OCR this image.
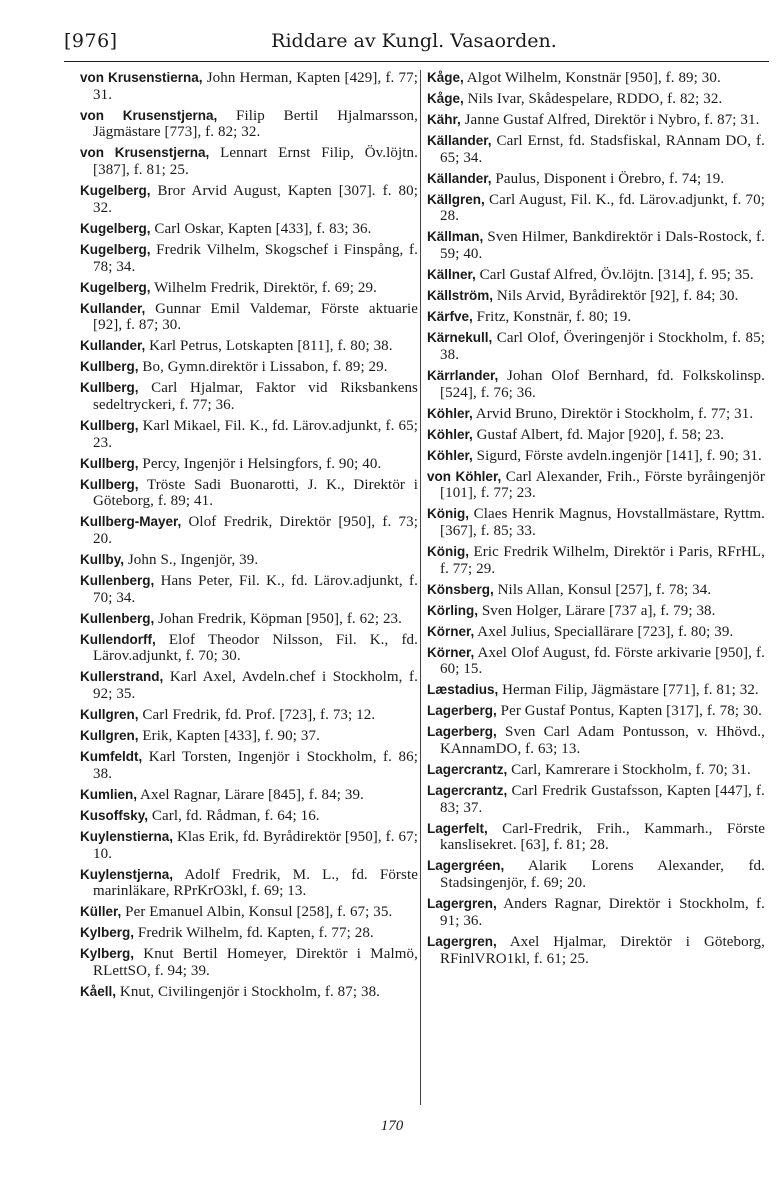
[976]	Riddare av Kungl. Vasaorden.

von Krusenstierna, John Herman, Kapten [429], f. 77; 31.

von Krusenstjerna, Filip Bertil Hjalmarsson, Jägmästare [773], f. 82; 32.

von Krusenstjerna, Lennart Ernst Filip, Öv.löjtn. [387], f. 81; 25.

Kugelberg, Bror Arvid August, Kapten [307]. f. 80; 32.

Kugelberg, Carl Oskar, Kapten [433], f. 83; 36.

Kugelberg, Fredrik Vilhelm, Skogschef i Finspång, f. 78; 34.

Kugelberg, Wilhelm Fredrik, Direktör, f. 69; 29.

Kullander, Gunnar Emil Valdemar, Förste aktuarie [92], f. 87; 30.

Kullander, Karl Petrus, Lotskapten [811], f. 80; 38.

Kullberg, Bo, Gymn.direktör i Lissabon, f. 89; 29.

Kullberg, Carl Hjalmar, Faktor vid Riksbankens sedeltryckeri, f. 77; 36.

Kullberg, Karl Mikael, Fil. K., fd. Lärov.adjunkt, f. 65; 23.

Kullberg, Percy, Ingenjör i Helsingfors, f. 90; 40.

Kullberg, Tröste Sadi Buonarotti, J. K., Direktör i Göteborg, f. 89; 41.

Kullberg-Mayer, Olof Fredrik, Direktör [950], f. 73; 20.

Kullby, John S., Ingenjör, 39.

Kullenberg, Hans Peter, Fil. K., fd. Lärov.adjunkt, f. 70; 34.

Kullenberg, Johan Fredrik, Köpman [950], f. 62; 23.

Kullendorff, Elof Theodor Nilsson, Fil. K., fd. Lärov.adjunkt, f. 70; 30.

Kullerstrand, Karl Axel, Avdeln.chef i Stockholm, f. 92; 35.

Kullgren, Carl Fredrik, fd. Prof. [723], f. 73; 12.

Kullgren, Erik, Kapten [433], f. 90; 37.

Kumfeldt, Karl Torsten, Ingenjör i Stockholm, f. 86; 38.

Kumlien, Axel Ragnar, Lärare [845], f. 84; 39.

Kusoffsky, Carl, fd. Rådman, f. 64; 16.

Kuylenstierna, Klas Erik, fd. Byrådirektör [950], f. 67; 10.

Kuylenstjerna, Adolf Fredrik, M. L., fd. Förste marinläkare, RPrKrO3kl, f. 69; 13.

Küller, Per Emanuel Albin, Konsul [258], f. 67; 35.

Kylberg, Fredrik Wilhelm, fd. Kapten, f. 77; 28.

Kylberg, Knut Bertil Homeyer, Direktör i Malmö, RLettSO, f. 94; 39.

Kåell, Knut, Civilingenjör i Stockholm, f. 87; 38.

Kåge, Algot Wilhelm, Konstnär [950], f. 89; 30.

Kåge, Nils Ivar, Skådespelare, RDDO, f. 82; 32.

Kähr, Janne Gustaf Alfred, Direktör i Nybro, f. 87; 31.

Källander, Carl Ernst, fd. Stadsfiskal, RAnnam DO, f. 65; 34.

Källander, Paulus, Disponent i Örebro, f. 74; 19.

Källgren, Carl August, Fil. K., fd. Lärov.adjunkt, f. 70; 28.

Källman, Sven Hilmer, Bankdirektör i Dals-Rostock, f. 59; 40.

Källner, Carl Gustaf Alfred, Öv.löjtn. [314], f. 95; 35.

Källström, Nils Arvid, Byrådirektör [92], f. 84; 30.

Kärfve, Fritz, Konstnär, f. 80; 19.

Kärnekull, Carl Olof, Överingenjör i Stockholm, f. 85; 38.

Kärrlander, Johan Olof Bernhard, fd. Folkskolinsp. [524], f. 76; 36.

Köhler, Arvid Bruno, Direktör i Stockholm, f. 77; 31.

Köhler, Gustaf Albert, fd. Major [920], f. 58; 23.

Köhler, Sigurd, Förste avdeln.ingenjör [141], f. 90; 31.

von Köhler, Carl Alexander, Frih., Förste byråingenjör [101], f. 77; 23.

König, Claes Henrik Magnus, Hovstallmästare, Ryttm. [367], f. 85; 33.

König, Eric Fredrik Wilhelm, Direktör i Paris, RFrHL, f. 77; 29.

Könsberg, Nils Allan, Konsul [257], f. 78; 34.

Körling, Sven Holger, Lärare [737 a], f. 79; 38.

Körner, Axel Julius, Speciallärare [723], f. 80; 39.

Körner, Axel Olof August, fd. Förste arkivarie [950], f. 60; 15.

Læstadius, Herman Filip, Jägmästare [771], f. 81; 32.

Lagerberg, Per Gustaf Pontus, Kapten [317], f. 78; 30.

Lagerberg, Sven Carl Adam Pontusson, v. Hhövd., KAnnamDO, f. 63; 13.

Lagercrantz, Carl, Kamrerare i Stockholm, f. 70; 31.

Lagercrantz, Carl Fredrik Gustafsson, Kapten [447], f. 83; 37.

Lagerfelt, Carl-Fredrik, Frih., Kammarh., Förste kanslisekret. [63], f. 81; 28.

Lagergréen, Alarik Lorens Alexander, fd. Stadsingenjör, f. 69; 20.

Lagergren, Anders Ragnar, Direktör i Stockholm, f. 91; 36.

Lagergren, Axel Hjalmar, Direktör i Göteborg, RFinlVRO1kl, f. 61; 25.

170
